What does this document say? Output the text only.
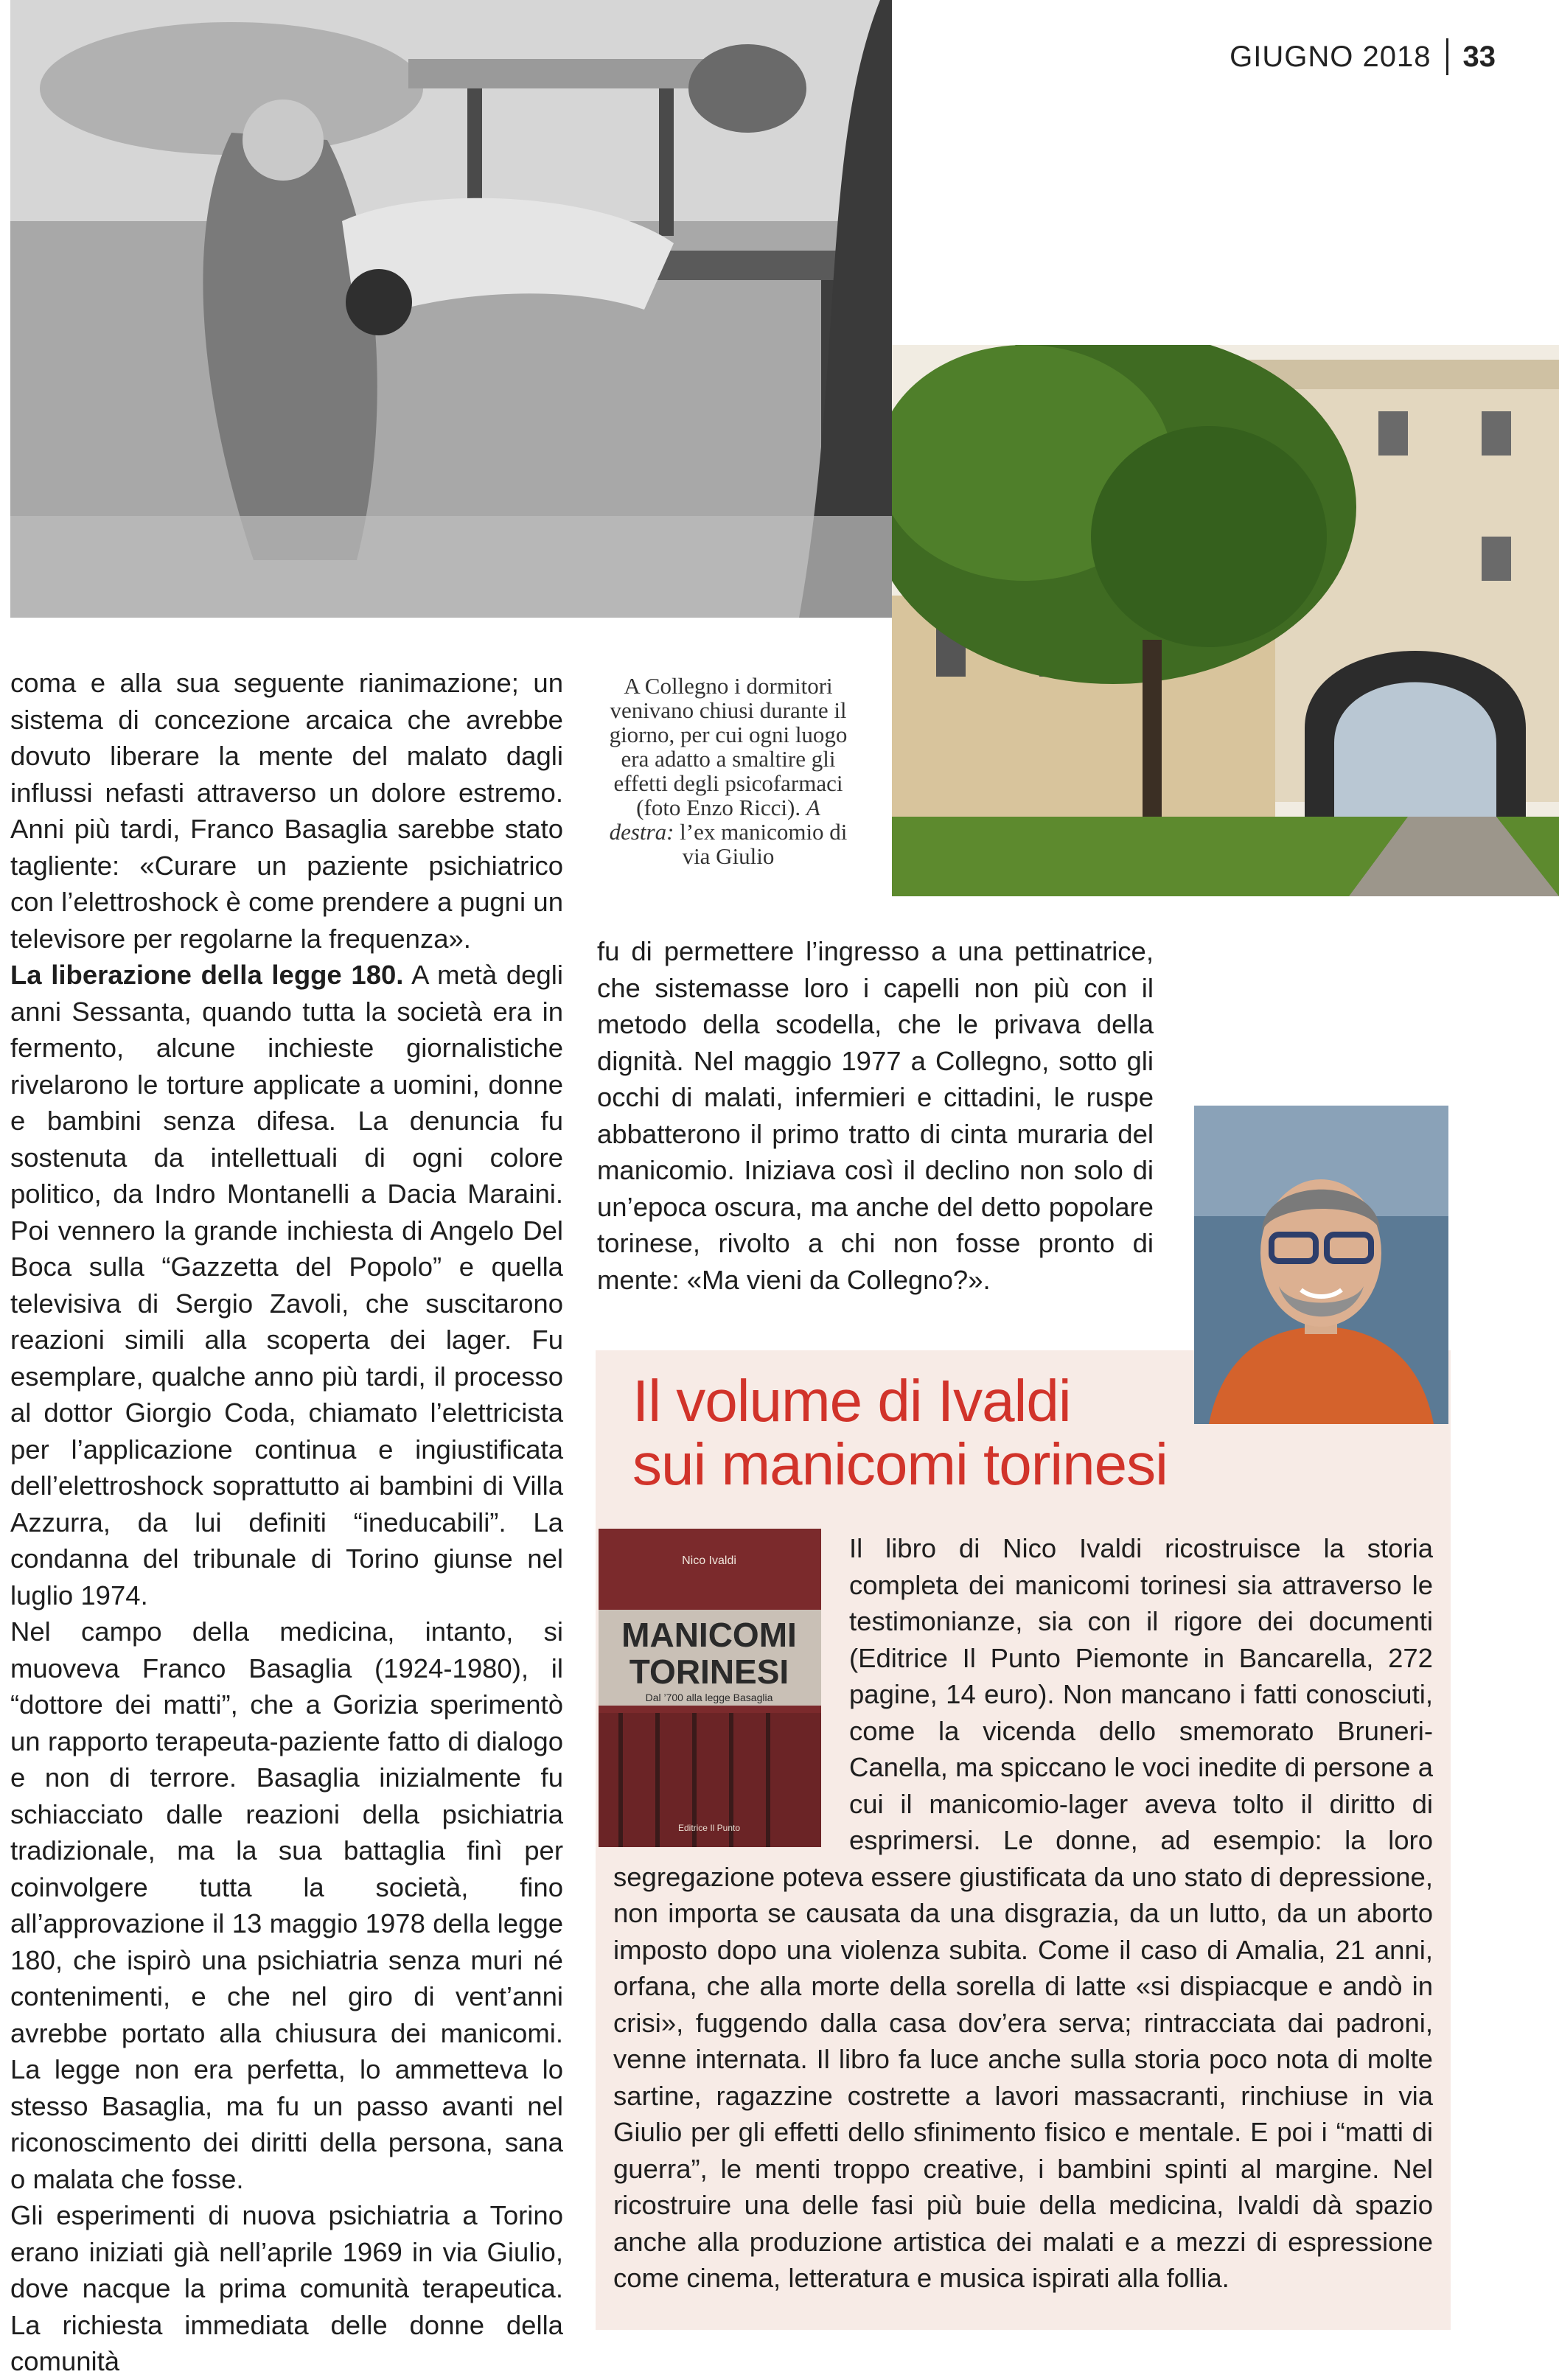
GIUGNO 2018 33
A Collegno i dormitori venivano chiusi durante il giorno, per cui ogni luogo era adatto a smaltire gli effetti degli psicofarmaci (foto Enzo Ricci). A destra: l’ex manicomio di via Giulio

coma e alla sua seguente rianimazione; un sistema di concezione arcaica che avrebbe dovuto liberare la mente del malato dagli influssi nefasti attraverso un dolore estremo. Anni più tardi, Franco Basaglia sarebbe stato tagliente: «Curare un paziente psichiatrico con l’elettroshock è come prendere a pugni un televisore per regolarne la frequenza».

La liberazione della legge 180. A metà degli anni Sessanta, quando tutta la società era in fermento, alcune inchieste giornalistiche rivelarono le torture applicate a uomini, donne e bambini senza difesa. La denuncia fu sostenuta da intellettuali di ogni colore politico, da Indro Montanelli a Dacia Maraini. Poi vennero la grande inchiesta di Angelo Del Boca sulla “Gazzetta del Popolo” e quella televisiva di Sergio Zavoli, che suscitarono reazioni simili alla scoperta dei lager. Fu esemplare, qualche anno più tardi, il processo al dottor Giorgio Coda, chiamato l’elettricista per l’applicazione continua e ingiustificata dell’elettroshock soprattutto ai bambini di Villa Azzurra, da lui definiti “ineducabili”. La condanna del tribunale di Torino giunse nel luglio 1974.

Nel campo della medicina, intanto, si muoveva Franco Basaglia (1924-1980), il “dottore dei matti”, che a Gorizia sperimentò un rapporto terapeuta-paziente fatto di dialogo e non di terrore. Basaglia inizialmente fu schiacciato dalle reazioni della psichiatria tradizionale, ma la sua battaglia finì per coinvolgere tutta la società, fino all’approvazione il 13 maggio 1978 della legge 180, che ispirò una psichiatria senza muri né contenimenti, e che nel giro di vent’anni avrebbe portato alla chiusura dei manicomi. La legge non era perfetta, lo ammetteva lo stesso Basaglia, ma fu un passo avanti nel riconoscimento dei diritti della persona, sana o malata che fosse.

Gli esperimenti di nuova psichiatria a Torino erano iniziati già nell’aprile 1969 in via Giulio, dove nacque la prima comunità terapeutica. La richiesta immediata delle donne della comunità

fu di permettere l’ingresso a una pettinatrice, che sistemasse loro i capelli non più con il metodo della scodella, che le privava della dignità. Nel maggio 1977 a Collegno, sotto gli occhi di malati, infermieri e cittadini, le ruspe abbatterono il primo tratto di cinta muraria del manicomio. Iniziava così il declino non solo di un’epoca oscura, ma anche del detto popolare torinese, rivolto a chi non fosse pronto di mente: «Ma vieni da Collegno?».

Il volume di Ivaldi
sui manicomi torinesi
Il libro di Nico Ivaldi ricostruisce la storia completa dei manicomi torinesi sia attraverso le testimonianze, sia con il rigore dei documenti (Editrice Il Punto Piemonte in Bancarella, 272 pagine, 14 euro). Non mancano i fatti conosciuti, come la vicenda dello smemorato Bruneri-Canella, ma spiccano le voci inedite di persone a cui il manicomio-lager aveva tolto il diritto di esprimersi. Le donne, ad esempio: la loro segregazione poteva essere giustificata da uno stato di depressione, non importa se causata da una disgrazia, da un lutto, da un aborto imposto dopo una violenza subita. Come il caso di Amalia, 21 anni, orfana, che alla morte della sorella di latte «si dispiacque e andò in crisi», fuggendo dalla casa dov’era serva; rintracciata dai padroni, venne internata. Il libro fa luce anche sulla storia poco nota di molte sartine, ragazzine costrette a lavori massacranti, rinchiuse in via Giulio per gli effetti dello sfinimento fisico e mentale. E poi i “matti di guerra”, le menti troppo creative, i bambini spinti al margine. Nel ricostruire una delle fasi più buie della medicina, Ivaldi dà spazio anche alla produzione artistica dei malati e a mezzi di espressione come cinema, letteratura e musica ispirati alla follia.
Nico Ivaldi
MANICOMI
TORINESI
Dal ’700 alla legge Basaglia
Editrice Il Punto
